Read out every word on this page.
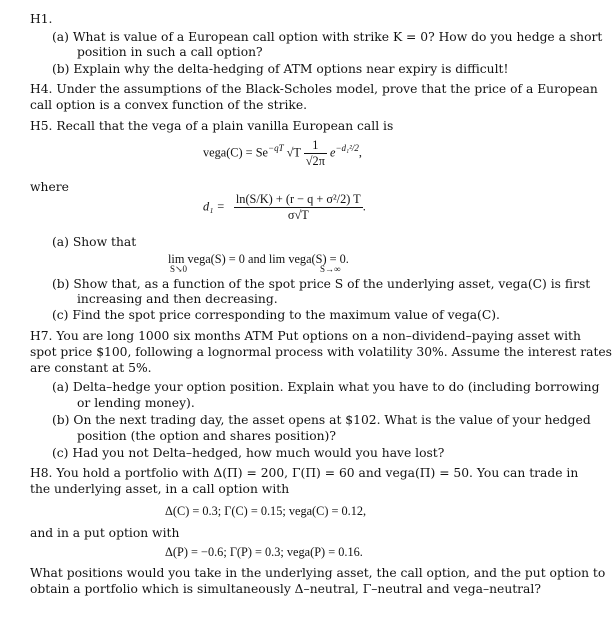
H1.
(a) What is value of a European call option with strike K = 0? How do you hedge a short
position in such a call option?
(b) Explain why the delta-hedging of ATM options near expiry is difficult!
H4. Under the assumptions of the Black-Scholes model, prove that the price of a European
call option is a convex function of the strike.
H5. Recall that the vega of a plain vanilla European call is
vega(C) = $Se^{-qT}$ $√T \frac{1}{√2\pi} e^{-d_1^2/2}$,
where
$d_1 = \frac{\text{ln(S/K) + (r − q + σ²/2) T}}{\sigma√T}$ .
(a) Show that
lim vega(S) = 0 and lim vega(S) = 0.
S↘0	S→∞
(b) Show that, as a function of the spot price S of the underlying asset, vega(C) is first
increasing and then decreasing.
(c) Find the spot price corresponding to the maximum value of vega(C).
H7. You are long 1000 six months ATM Put options on a non–dividend–paying asset with
spot price $100, following a lognormal process with volatility 30%. Assume the interest rates
are constant at 5%.
(a) Delta–hedge your option position. Explain what you have to do (including borrowing
or lending money).
(b) On the next trading day, the asset opens at $102. What is the value of your hedged
position (the option and shares position)?
(c) Had you not Delta–hedged, how much would you have lost?
H8. You hold a portfolio with Δ(Π) = 200, Γ(Π) = 60 and vega(Π) = 50. You can trade in
the underlying asset, in a call option with
Δ(C) = 0.3; Γ(C) = 0.15; vega(C) = 0.12,
and in a put option with
Δ(P) = −0.6; Γ(P) = 0.3; vega(P) = 0.16.
What positions would you take in the underlying asset, the call option, and the put option to
obtain a portfolio which is simultaneously Δ–neutral, Γ–neutral and vega–neutral?
